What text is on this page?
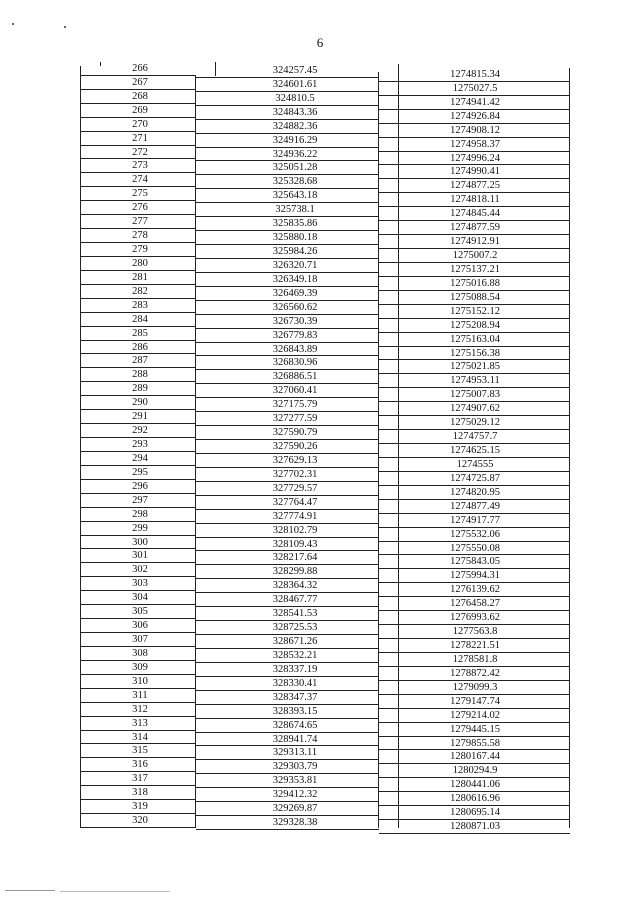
6
266	324257.45	1274815.34
267	324601.61	1275027.5
268	324810.5	1274941.42
269	324843.36	1274926.84
270	324882.36	1274908.12
271	324916.29	1274958.37
272	324936.22	1274996.24
273	325051.28	1274990.41
274	325328.68	1274877.25
275	325643.18	1274818.11
276	325738.1	1274845.44
277	325835.86	1274877.59
278	325880.18	1274912.91
279	325984.26	1275007.2
280	326320.71	1275137.21
281	326349.18	1275016.88
282	326469.39	1275088.54
283	326560.62	1275152.12
284	326730.39	1275208.94
285	326779.83	1275163.04
286	326843.89	1275156.38
287	326830.96	1275021.85
288	326886.51	1274953.11
289	327060.41	1275007.83
290	327175.79	1274907.62
291	327277.59	1275029.12
292	327590.79	1274757.7
293	327590.26	1274625.15
294	327629.13	1274555
295	327702.31	1274725.87
296	327729.57	1274820.95
297	327764.47	1274877.49
298	327774.91	1274917.77
299	328102.79	1275532.06
300	328109.43	1275550.08
301	328217.64	1275843.05
302	328299.88	1275994.31
303	328364.32	1276139.62
304	328467.77	1276458.27
305	328541.53	1276993.62
306	328725.53	1277563.8
307	328671.26	1278221.51
308	328532.21	1278581.8
309	328337.19	1278872.42
310	328330.41	1279099.3
311	328347.37	1279147.74
312	328393.15	1279214.02
313	328674.65	1279445.15
314	328941.74	1279855.58
315	329313.11	1280167.44
316	329303.79	1280294.9
317	329353.81	1280441.06
318	329412.32	1280616.96
319	329269.87	1280695.14
320	329328.38	1280871.03
